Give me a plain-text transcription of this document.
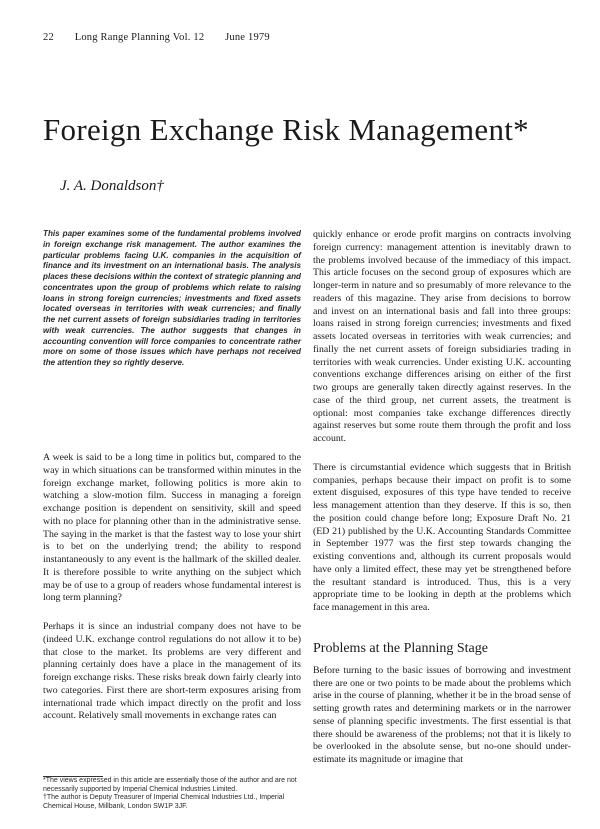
22 Long Range Planning Vol. 12 June 1979
Foreign Exchange Risk Management*
J. A. Donaldson†
This paper examines some of the fundamental problems involved in foreign exchange risk management. The author examines the particular problems facing U.K. companies in the acquisition of finance and its investment on an international basis. The analysis places these decisions within the context of strategic planning and concentrates upon the group of problems which relate to raising loans in strong foreign currencies; investments and fixed assets located overseas in territories with weak currencies; and finally the net current assets of foreign subsidiaries trading in territories with weak currencies. The author suggests that changes in accounting convention will force companies to concentrate rather more on some of those issues which have perhaps not received the attention they so rightly deserve.

A week is said to be a long time in politics but, compared to the way in which situations can be transformed within minutes in the foreign exchange market, following politics is more akin to watching a slow-motion film. Success in managing a foreign exchange position is dependent on sensitivity, skill and speed with no place for planning other than in the administrative sense. The saying in the market is that the fastest way to lose your shirt is to bet on the underlying trend; the ability to respond instantaneously to any event is the hallmark of the skilled dealer. It is therefore possible to write anything on the subject which may be of use to a group of readers whose fundamental interest is long term planning?

Perhaps it is since an industrial company does not have to be (indeed U.K. exchange control regulations do not allow it to be) that close to the market. Its problems are very different and planning certainly does have a place in the management of its foreign exchange risks. These risks break down fairly clearly into two categories. First there are short-term exposures arising from international trade which impact directly on the profit and loss account. Relatively small movements in exchange rates can

quickly enhance or erode profit margins on contracts involving foreign currency: management attention is inevitably drawn to the problems involved because of the immediacy of this impact. This article focuses on the second group of exposures which are longer-term in nature and so presumably of more relevance to the readers of this magazine. They arise from decisions to borrow and invest on an international basis and fall into three groups: loans raised in strong foreign currencies; investments and fixed assets located overseas in territories with weak currencies; and finally the net current assets of foreign subsidiaries trading in territories with weak currencies. Under existing U.K. accounting conventions exchange differences arising on either of the first two groups are generally taken directly against reserves. In the case of the third group, net current assets, the treatment is optional: most companies take exchange differences directly against reserves but some route them through the profit and loss account.

There is circumstantial evidence which suggests that in British companies, perhaps because their impact on profit is to some extent disguised, exposures of this type have tended to receive less management attention than they deserve. If this is so, then the position could change before long; Exposure Draft No. 21 (ED 21) published by the U.K. Accounting Standards Committee in September 1977 was the first step towards changing the existing conventions and, although its current proposals would have only a limited effect, these may yet be strengthened before the resultant standard is introduced. Thus, this is a very appropriate time to be looking in depth at the problems which face management in this area.

Problems at the Planning Stage

Before turning to the basic issues of borrowing and investment there are one or two points to be made about the problems which arise in the course of planning, whether it be in the broad sense of setting growth rates and determining markets or in the narrower sense of planning specific investments. The first essential is that there should be awareness of the problems; not that it is likely to be overlooked in the absolute sense, but no-one should under-estimate its magnitude or imagine that

*The views expressed in this article are essentially those of the author and are not necessarily supported by Imperial Chemical Industries Limited.
†The author is Deputy Treasurer of Imperial Chemical Industries Ltd., Imperial Chemical House, Millbank, London SW1P 3JF.
